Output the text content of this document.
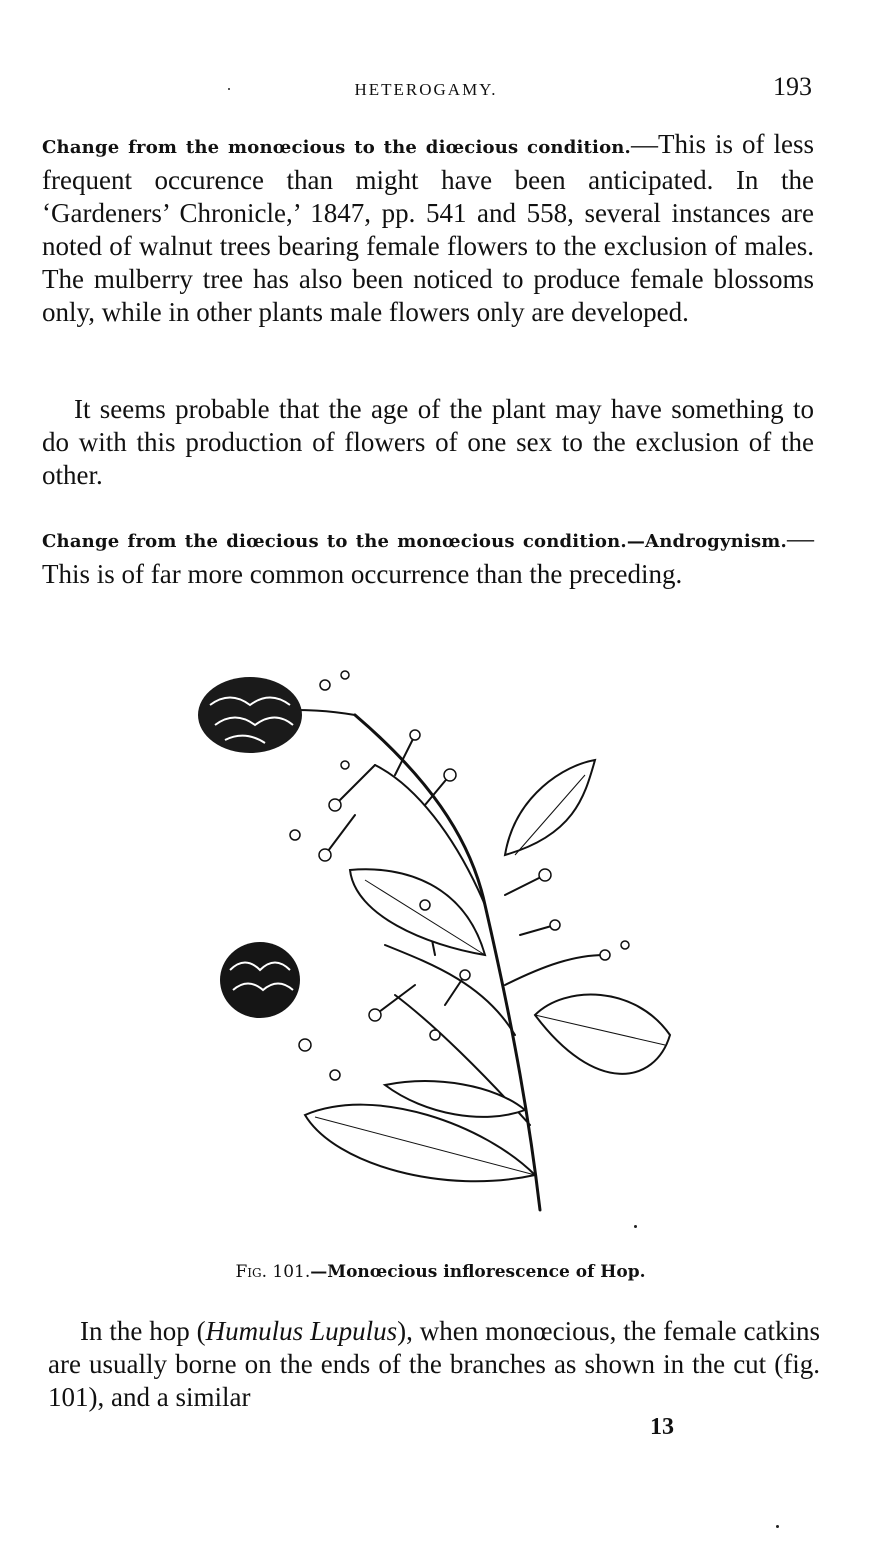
HETEROGAMY.	193

Change from the monœcious to the diœcious condition.—This is of less frequent occurence than might have been anticipated. In the ‘Gardeners’ Chronicle,’ 1847, pp. 541 and 558, several instances are noted of walnut trees bearing female flowers to the exclusion of males. The mulberry tree has also been noticed to produce female blossoms only, while in other plants male flowers only are developed.

It seems probable that the age of the plant may have something to do with this production of flowers of one sex to the exclusion of the other.

Change from the diœcious to the monœcious condition.—Androgynism.—This is of far more common occurrence than the preceding.

Fig. 101.—Monœcious inflorescence of Hop.

In the hop (Humulus Lupulus), when monœcious, the female catkins are usually borne on the ends of the branches as shown in the cut (fig. 101), and a similar

13
